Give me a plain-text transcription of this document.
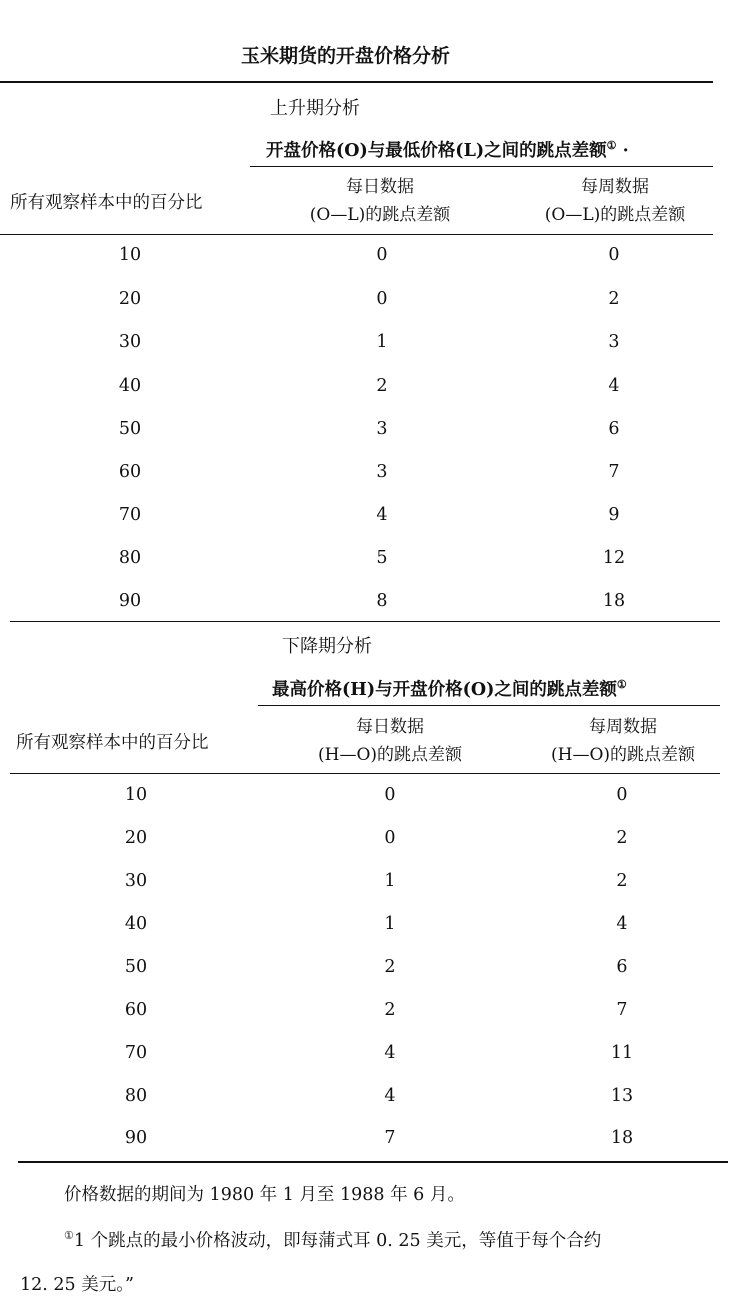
玉米期货的开盘价格分析
上升期分析
开盘价格(O)与最低价格(L)之间的跳点差额① ·
所有观察样本中的百分比
每日数据
(O—L)的跳点差额
每周数据
(O—L)的跳点差额
10	0	0
20	0	2
30	1	3
40	2	4
50	3	6
60	3	7
70	4	9
80	5	12
90	8	18
下降期分析
最高价格(H)与开盘价格(O)之间的跳点差额①
所有观察样本中的百分比
每日数据
(H—O)的跳点差额
每周数据
(H—O)的跳点差额
10	0	0
20	0	2
30	1	2
40	1	4
50	2	6
60	2	7
70	4	11
80	4	13
90	7	18
价格数据的期间为 1980 年 1 月至 1988 年 6 月。
①1 个跳点的最小价格波动，即每蒲式耳 0. 25 美元，等值于每个合约
12. 25 美元。”
